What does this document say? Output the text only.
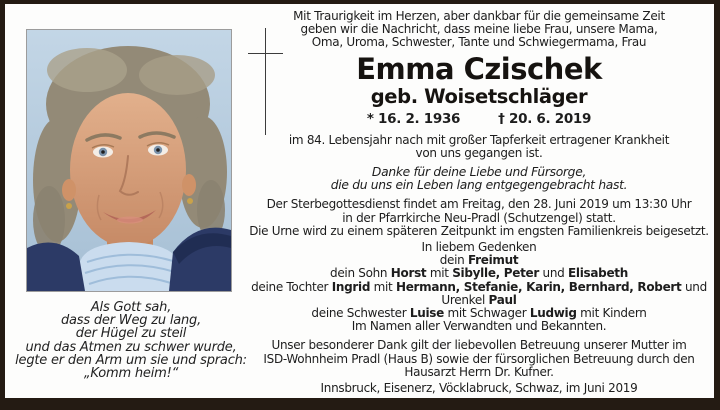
Mit Traurigkeit im Herzen, aber dankbar für die gemeinsame Zeit
geben wir die Nachricht, dass meine liebe Frau, unsere Mama,
Oma, Uroma, Schwester, Tante und Schwiegermama, Frau
Emma Czischek
geb. Woisetschläger
* 16. 2. 1936	† 20. 6. 2019
im 84. Lebensjahr nach mit großer Tapferkeit ertragener Krankheit
von uns gegangen ist.
Danke für deine Liebe und Fürsorge,
die du uns ein Leben lang entgegengebracht hast.
Der Sterbegottesdienst findet am Freitag, den 28. Juni 2019 um 13:30 Uhr
in der Pfarrkirche Neu-Pradl (Schutzengel) statt.
Die Urne wird zu einem späteren Zeitpunkt im engsten Familienkreis beigesetzt.
In liebem Gedenken
dein Freimut
dein Sohn Horst mit Sibylle, Peter und Elisabeth
deine Tochter Ingrid mit Hermann, Stefanie, Karin, Bernhard, Robert und
Urenkel Paul
deine Schwester Luise mit Schwager Ludwig mit Kindern
Im Namen aller Verwandten und Bekannten.
Unser besonderer Dank gilt der liebevollen Betreuung unserer Mutter im
ISD-Wohnheim Pradl (Haus B) sowie der fürsorglichen Betreuung durch den
Hausarzt Herrn Dr. Kufner.
Innsbruck, Eisenerz, Vöcklabruck, Schwaz, im Juni 2019
Als Gott sah,
dass der Weg zu lang,
der Hügel zu steil
und das Atmen zu schwer wurde,
legte er den Arm um sie und sprach:
„Komm heim!“
